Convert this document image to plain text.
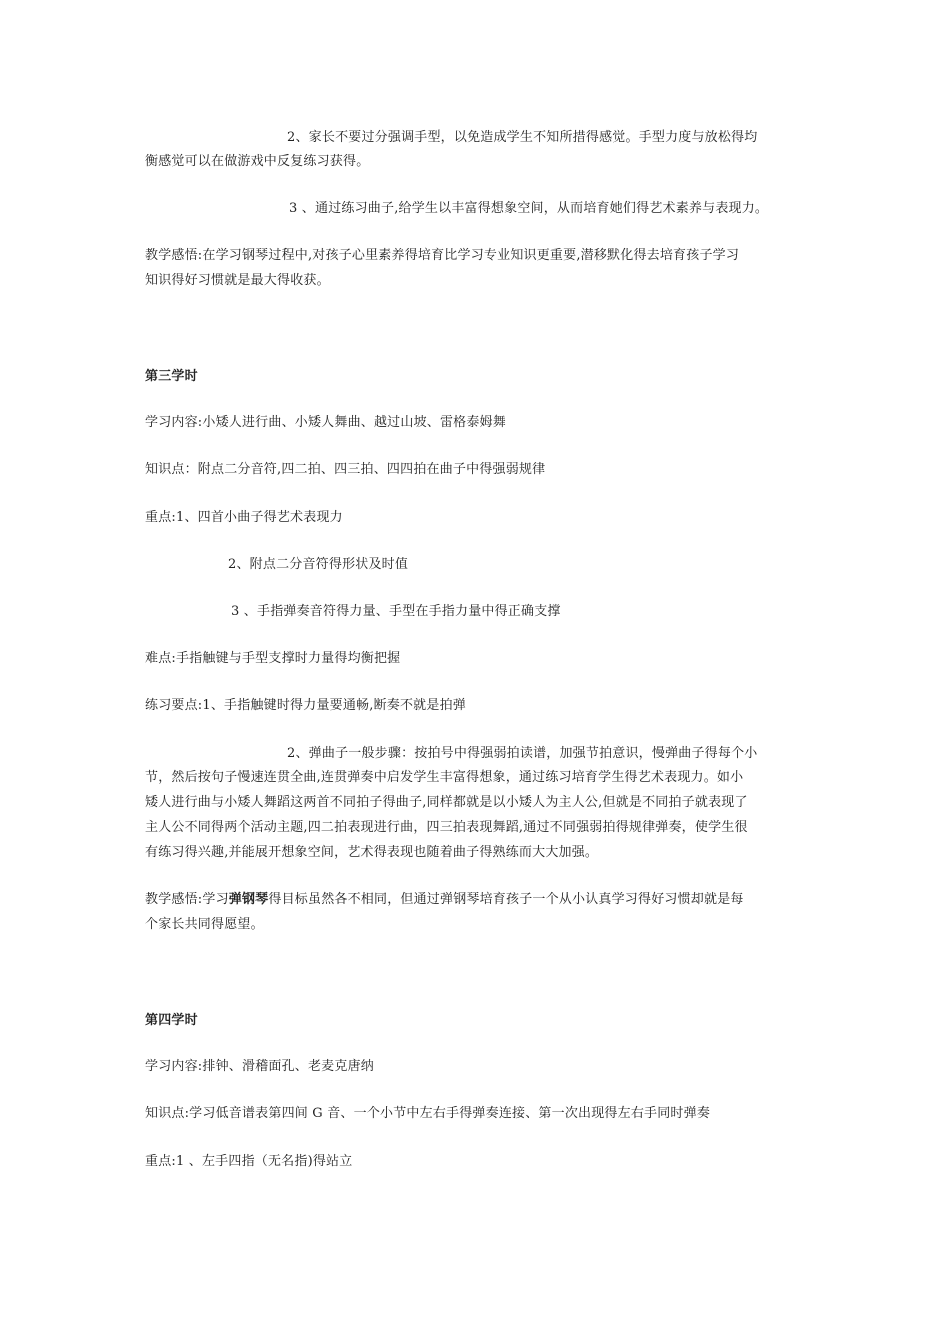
2、家长不要过分强调手型，以免造成学生不知所措得感觉。手型力度与放松得均
衡感觉可以在做游戏中反复练习获得。
3 、通过练习曲子,给学生以丰富得想象空间，从而培育她们得艺术素养与表现力。
教学感悟:在学习钢琴过程中,对孩子心里素养得培育比学习专业知识更重要,潜移默化得去培育孩子学习
知识得好习惯就是最大得收获。
第三学时
学习内容:小矮人进行曲、小矮人舞曲、越过山坡、雷格泰姆舞
知识点：附点二分音符,四二拍、四三拍、四四拍在曲子中得强弱规律
重点:1、四首小曲子得艺术表现力
2、附点二分音符得形状及时值
3 、手指弹奏音符得力量、手型在手指力量中得正确支撑
难点:手指触键与手型支撑时力量得均衡把握
练习要点:1、手指触键时得力量要通畅,断奏不就是拍弹
2、弹曲子一般步骤：按拍号中得强弱拍读谱，加强节拍意识，慢弹曲子得每个小
节，然后按句子慢速连贯全曲,连贯弹奏中启发学生丰富得想象，通过练习培育学生得艺术表现力。如小
矮人进行曲与小矮人舞蹈这两首不同拍子得曲子,同样都就是以小矮人为主人公,但就是不同拍子就表现了
主人公不同得两个活动主题,四二拍表现进行曲，四三拍表现舞蹈,通过不同强弱拍得规律弹奏，使学生很
有练习得兴趣,并能展开想象空间，艺术得表现也随着曲子得熟练而大大加强。
教学感悟:学习弹钢琴得目标虽然各不相同，但通过弹钢琴培育孩子一个从小认真学习得好习惯却就是每
个家长共同得愿望。
第四学时
学习内容:排钟、滑稽面孔、老麦克唐纳
知识点:学习低音谱表第四间 G 音、一个小节中左右手得弹奏连接、第一次出现得左右手同时弹奏
重点:1 、左手四指（无名指)得站立
